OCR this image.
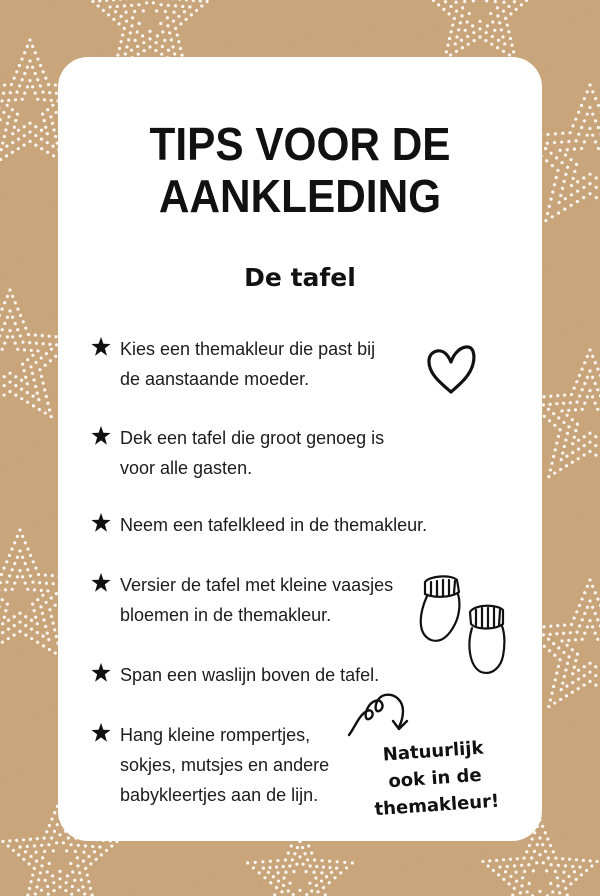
TIPS VOOR DE
AANKLEDING
De tafel
Kies een themakleur die past bij
de aanstaande moeder.
Dek een tafel die groot genoeg is
voor alle gasten.
Neem een tafelkleed in de themakleur.
Versier de tafel met kleine vaasjes
bloemen in de themakleur.
Span een waslijn boven de tafel.
Hang kleine rompertjes,
sokjes, mutsjes en andere
babykleertjes aan de lijn.
Natuurlijk
ook in de
themakleur!
